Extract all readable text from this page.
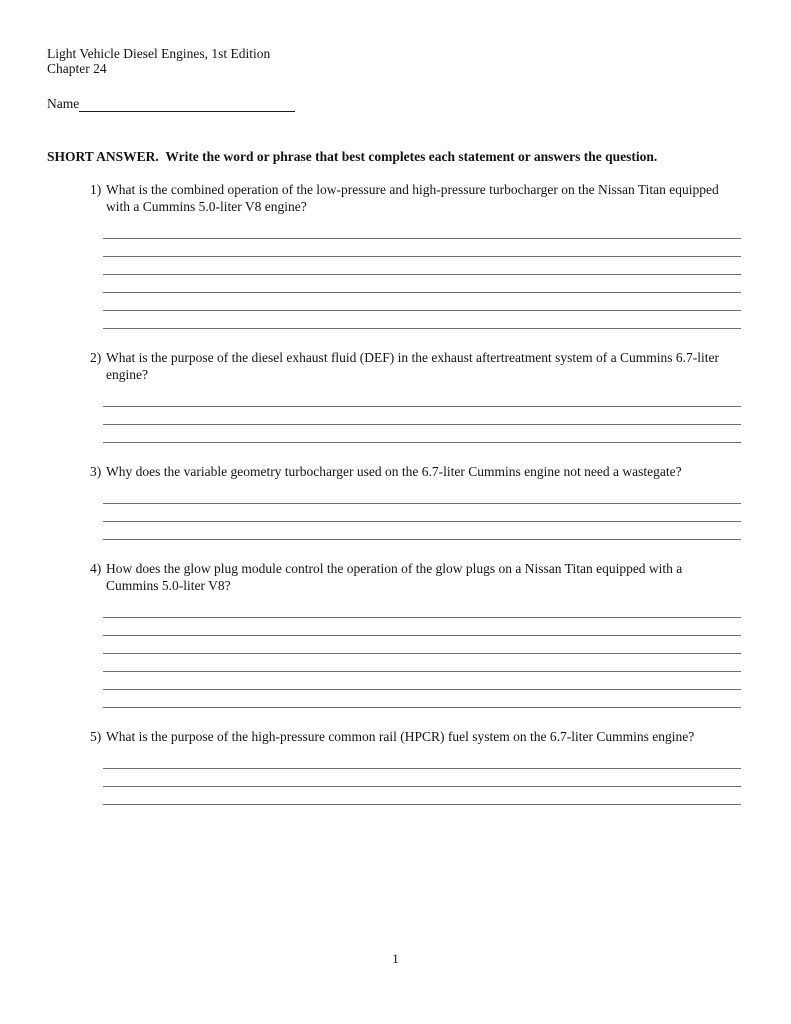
Light Vehicle Diesel Engines, 1st Edition
Chapter 24
Name
SHORT ANSWER.  Write the word or phrase that best completes each statement or answers the question.
1) What is the combined operation of the low-pressure and high-pressure turbocharger on the Nissan Titan equipped with a Cummins 5.0-liter V8 engine?
2) What is the purpose of the diesel exhaust fluid (DEF) in the exhaust aftertreatment system of a Cummins 6.7-liter engine?
3) Why does the variable geometry turbocharger used on the 6.7-liter Cummins engine not need a wastegate?
4) How does the glow plug module control the operation of the glow plugs on a Nissan Titan equipped with a Cummins 5.0-liter V8?
5) What is the purpose of the high-pressure common rail (HPCR) fuel system on the 6.7-liter Cummins engine?
1
